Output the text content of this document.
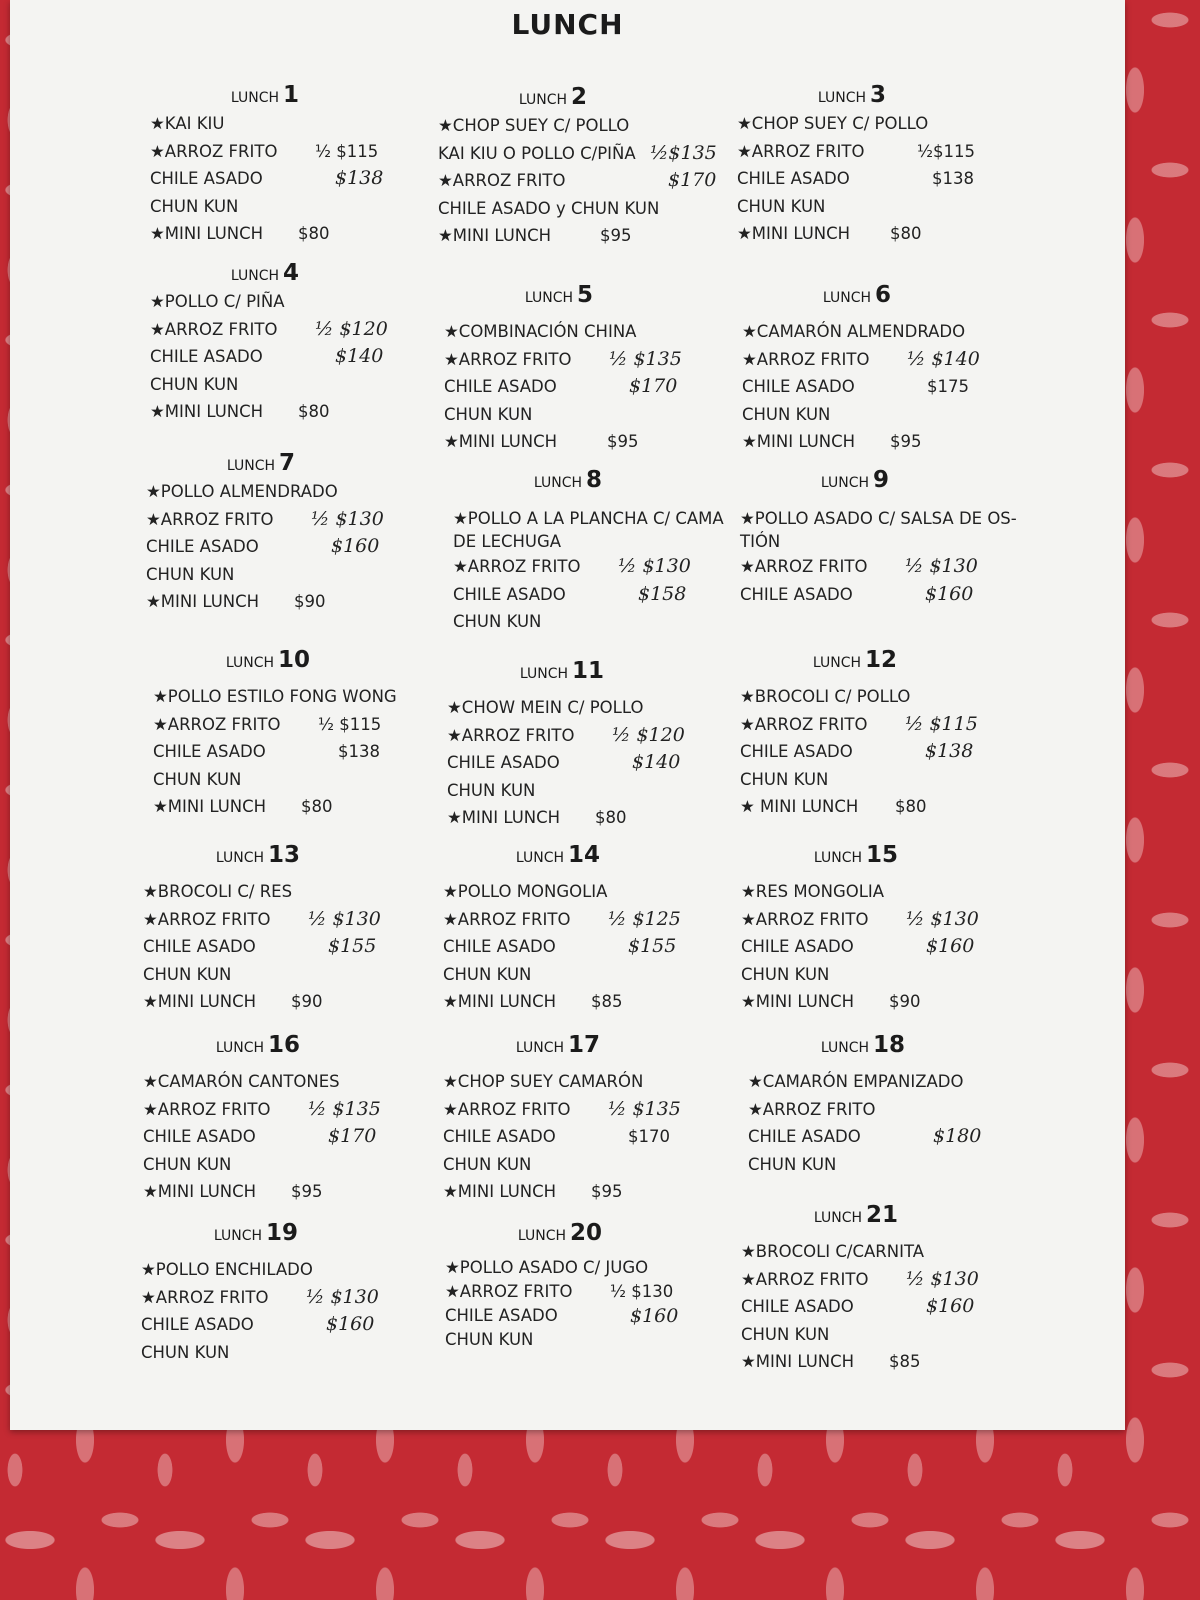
LUNCH
LUNCH 1
★KAI KIU
★ARROZ FRITO ½ $115
CHILE ASADO	$138
CHUN KUN
★MINI LUNCH $80
LUNCH 2
★CHOP SUEY C/ POLLO
KAI KIU O POLLO C/PIÑA ½$135
★ARROZ FRITO	$170
CHILE ASADO y CHUN KUN
★MINI LUNCH	$95
LUNCH 3
★CHOP SUEY C/ POLLO
★ARROZ FRITO	½$115
CHILE ASADO	$138
CHUN KUN
★MINI LUNCH $80
LUNCH 4
★POLLO C/ PIÑA
★ARROZ FRITO ½ $120
CHILE ASADO	$140
CHUN KUN
★MINI LUNCH $80
LUNCH 5
★COMBINACIÓN CHINA
★ARROZ FRITO ½ $135
CHILE ASADO	$170
CHUN KUN
★MINI LUNCH	$95
LUNCH 6
★CAMARÓN ALMENDRADO
★ARROZ FRITO ½ $140
CHILE ASADO	$175
CHUN KUN
★MINI LUNCH $95
LUNCH 7
★POLLO ALMENDRADO
★ARROZ FRITO ½ $130
CHILE ASADO	$160
CHUN KUN
★MINI LUNCH $90
LUNCH 8
★POLLO A LA PLANCHA C/ CAMA DE LECHUGA
★ARROZ FRITO ½ $130
CHILE ASADO	$158
CHUN KUN
LUNCH 9
★POLLO ASADO C/ SALSA DE OS-TIÓN
★ARROZ FRITO ½ $130
CHILE ASADO	$160
LUNCH 10
★POLLO ESTILO FONG WONG
★ARROZ FRITO ½ $115
CHILE ASADO	$138
CHUN KUN
★MINI LUNCH $80
LUNCH 11
★CHOW MEIN C/ POLLO
★ARROZ FRITO ½ $120
CHILE ASADO	$140
CHUN KUN
★MINI LUNCH $80
LUNCH 12
★BROCOLI C/ POLLO
★ARROZ FRITO ½ $115
CHILE ASADO	$138
CHUN KUN
★ MINI LUNCH $80
LUNCH 13
★BROCOLI C/ RES
★ARROZ FRITO ½ $130
CHILE ASADO	$155
CHUN KUN
★MINI LUNCH $90
LUNCH 14
★POLLO MONGOLIA
★ARROZ FRITO ½ $125
CHILE ASADO	$155
CHUN KUN
★MINI LUNCH $85
LUNCH 15
★RES MONGOLIA
★ARROZ FRITO ½ $130
CHILE ASADO	$160
CHUN KUN
★MINI LUNCH $90
LUNCH 16
★CAMARÓN CANTONES
★ARROZ FRITO ½ $135
CHILE ASADO	$170
CHUN KUN
★MINI LUNCH $95
LUNCH 17
★CHOP SUEY CAMARÓN
★ARROZ FRITO ½ $135
CHILE ASADO	$170
CHUN KUN
★MINI LUNCH $95
LUNCH 18
★CAMARÓN EMPANIZADO
★ARROZ FRITO
CHILE ASADO	$180
CHUN KUN
LUNCH 19
★POLLO ENCHILADO
★ARROZ FRITO ½ $130
CHILE ASADO	$160
CHUN KUN
LUNCH 20
★POLLO ASADO C/ JUGO
★ARROZ FRITO ½ $130
CHILE ASADO	$160
CHUN KUN
LUNCH 21
★BROCOLI C/CARNITA
★ARROZ FRITO ½ $130
CHILE ASADO	$160
CHUN KUN
★MINI LUNCH $85
